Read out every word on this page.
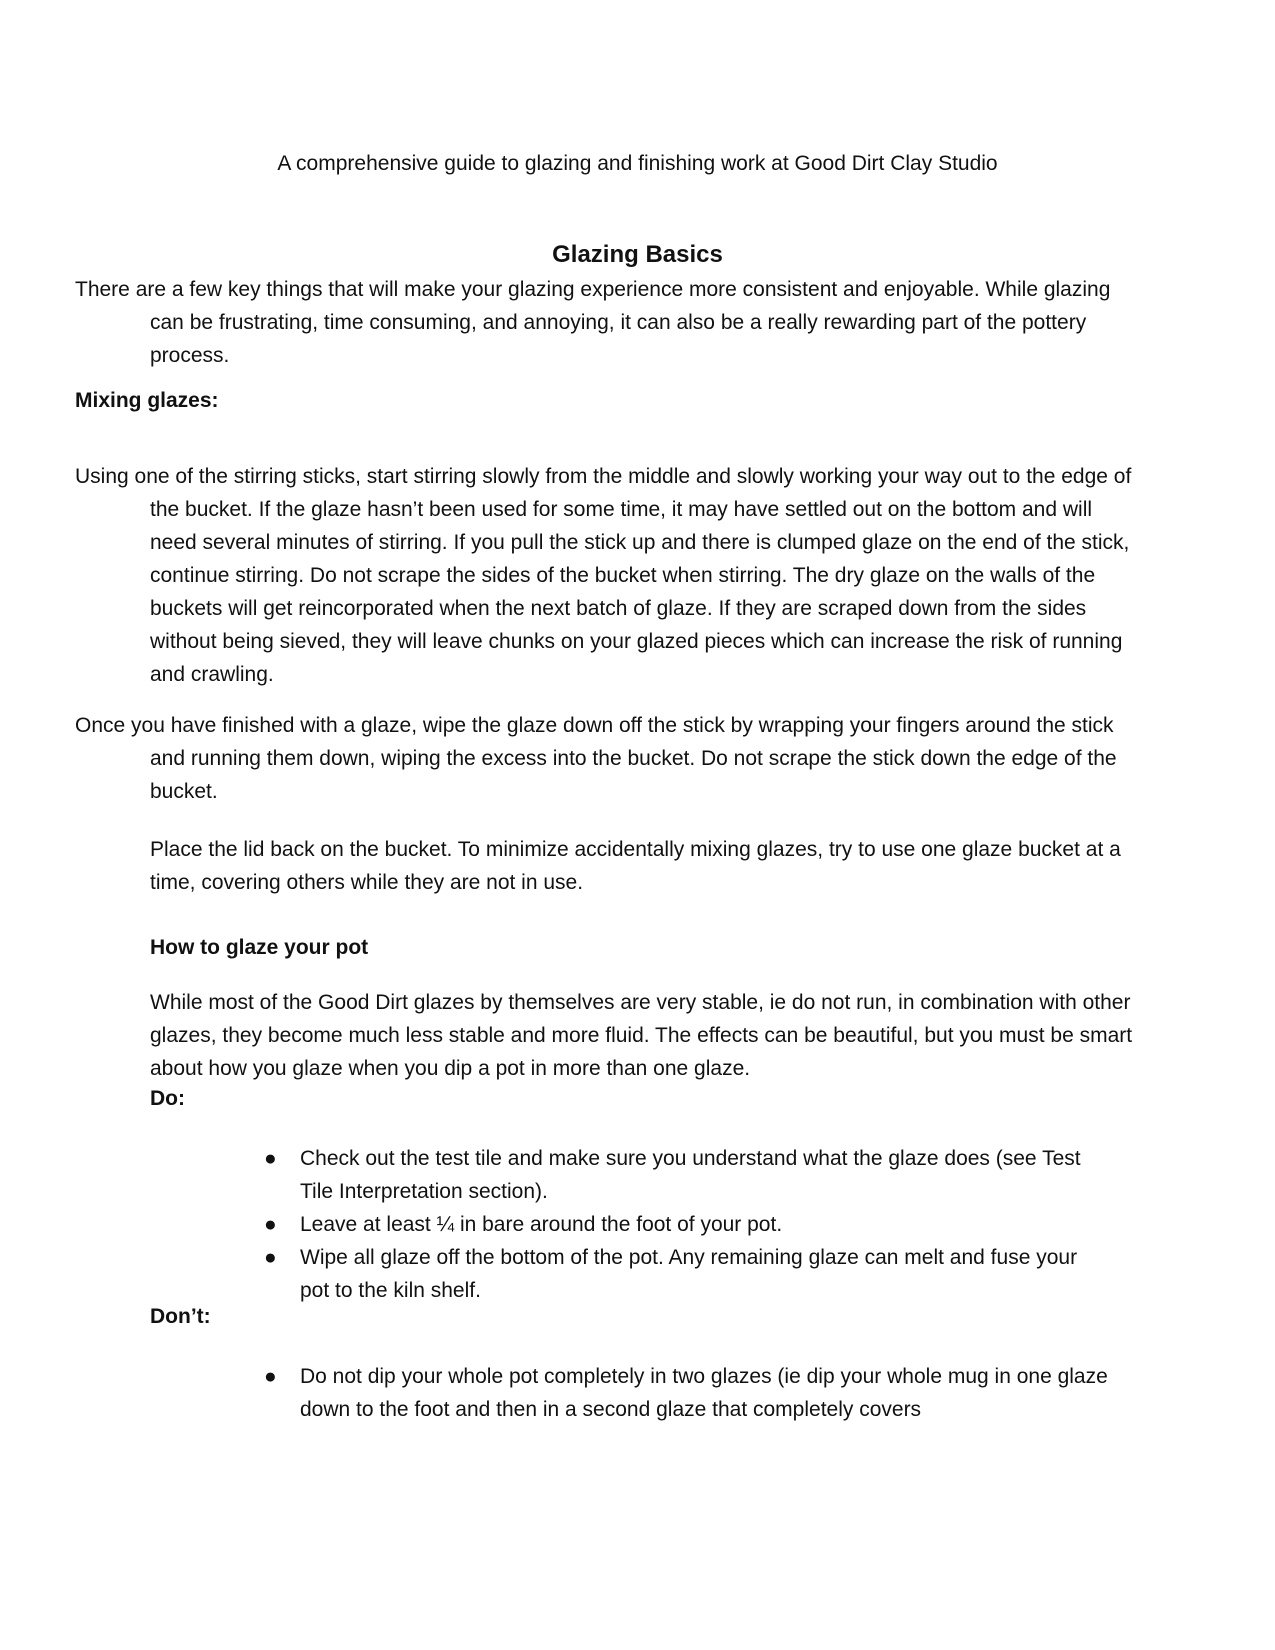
A comprehensive guide to glazing and finishing work at Good Dirt Clay Studio
Glazing Basics
There are a few key things that will make your glazing experience more consistent and enjoyable. While glazing can be frustrating, time consuming, and annoying, it can also be a really rewarding part of the pottery process.
Mixing glazes:
Using one of the stirring sticks, start stirring slowly from the middle and slowly working your way out to the edge of the bucket. If the glaze hasn’t been used for some time, it may have settled out on the bottom and will need several minutes of stirring. If you pull the stick up and there is clumped glaze on the end of the stick, continue stirring. Do not scrape the sides of the bucket when stirring. The dry glaze on the walls of the buckets will get reincorporated when the next batch of glaze. If they are scraped down from the sides without being sieved, they will leave chunks on your glazed pieces which can increase the risk of running and crawling.
Once you have finished with a glaze, wipe the glaze down off the stick by wrapping your fingers around the stick and running them down, wiping the excess into the bucket. Do not scrape the stick down the edge of the bucket.
Place the lid back on the bucket. To minimize accidentally mixing glazes, try to use one glaze bucket at a time, covering others while they are not in use.
How to glaze your pot
While most of the Good Dirt glazes by themselves are very stable, ie do not run, in combination with other glazes, they become much less stable and more fluid. The effects can be beautiful, but you must be smart about how you glaze when you dip a pot in more than one glaze.
Do:
● Check out the test tile and make sure you understand what the glaze does (see Test Tile Interpretation section).
● Leave at least ¼ in bare around the foot of your pot.
● Wipe all glaze off the bottom of the pot. Any remaining glaze can melt and fuse your pot to the kiln shelf.
Don’t:
● Do not dip your whole pot completely in two glazes (ie dip your whole mug in one glaze down to the foot and then in a second glaze that completely covers
